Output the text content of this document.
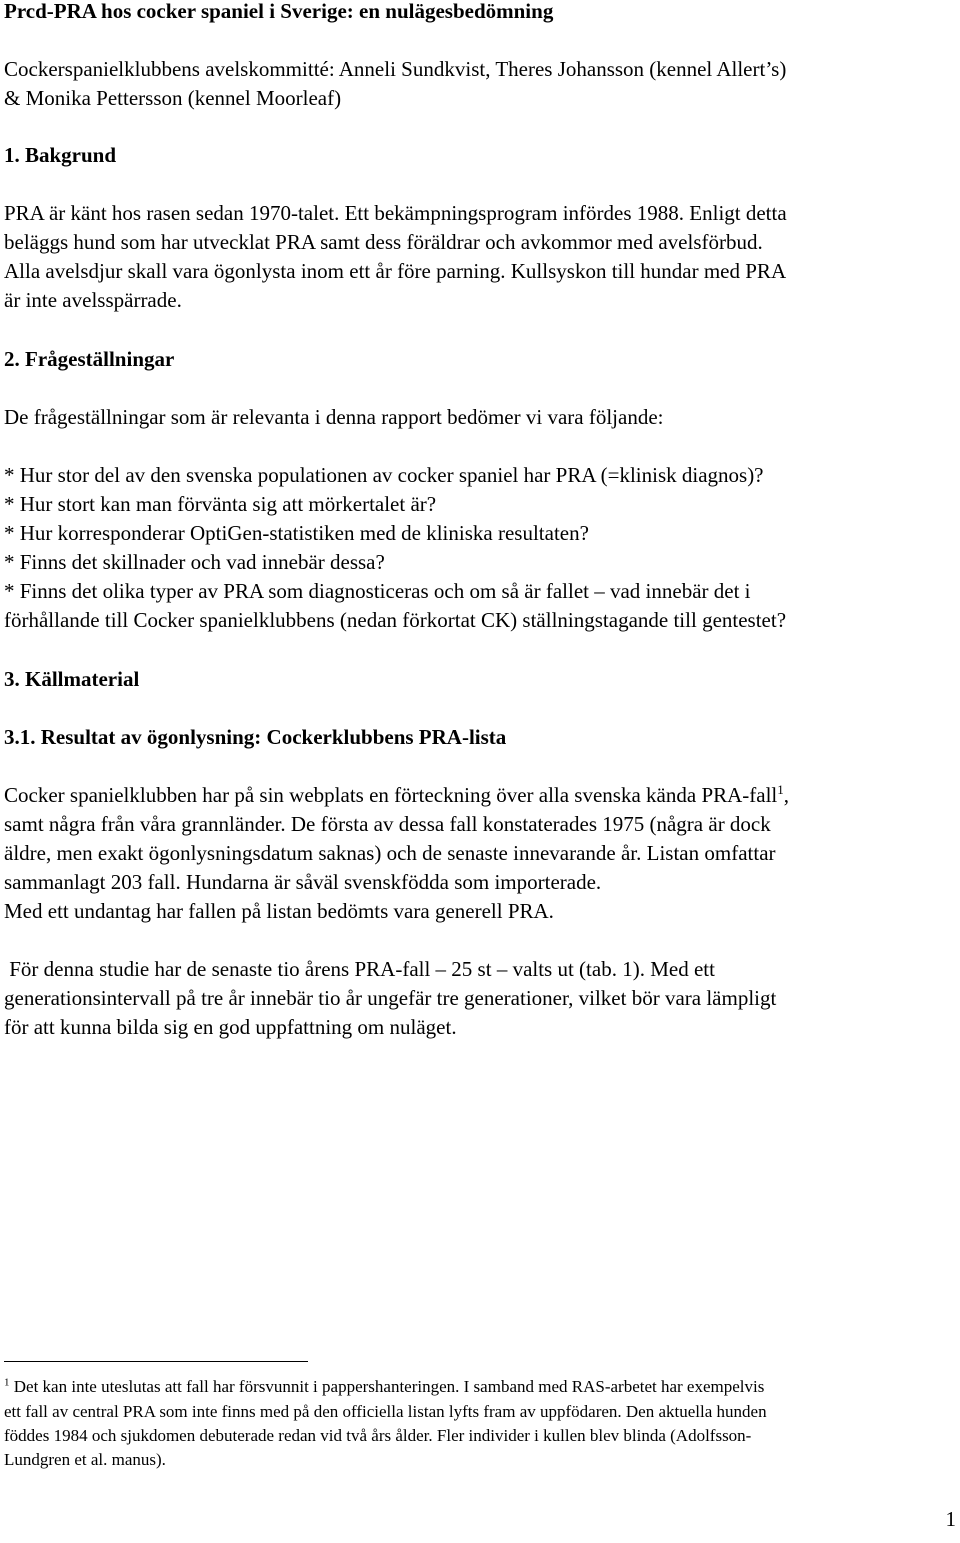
Prcd-PRA hos cocker spaniel i Sverige: en nulägesbedömning

Cockerspanielklubbens avelskommitté: Anneli Sundkvist, Theres Johansson (kennel Allert’s)

& Monika Pettersson (kennel Moorleaf)

1. Bakgrund

PRA är känt hos rasen sedan 1970-talet. Ett bekämpningsprogram infördes 1988. Enligt detta

beläggs hund som har utvecklat PRA samt dess föräldrar och avkommor med avelsförbud.

Alla avelsdjur skall vara ögonlysta inom ett år före parning. Kullsyskon till hundar med PRA

är inte avelsspärrade.

2. Frågeställningar

De frågeställningar som är relevanta i denna rapport bedömer vi vara följande:

* Hur stor del av den svenska populationen av cocker spaniel har PRA (=klinisk diagnos)?

* Hur stort kan man förvänta sig att mörkertalet är?

* Hur korresponderar OptiGen-statistiken med de kliniska resultaten?

* Finns det skillnader och vad innebär dessa?

* Finns det olika typer av PRA som diagnosticeras och om så är fallet – vad innebär det i

förhållande till Cocker spanielklubbens (nedan förkortat CK) ställningstagande till gentestet?

3. Källmaterial

3.1. Resultat av ögonlysning: Cockerklubbens PRA-lista

Cocker spanielklubben har på sin webplats en förteckning över alla svenska kända PRA-fall$^1$,

samt några från våra grannländer. De första av dessa fall konstaterades 1975 (några är dock

äldre, men exakt ögonlysningsdatum saknas) och de senaste innevarande år. Listan omfattar

sammanlagt 203 fall. Hundarna är såväl svenskfödda som importerade.

Med ett undantag har fallen på listan bedömts vara generell PRA.

För denna studie har de senaste tio årens PRA-fall – 25 st – valts ut (tab. 1). Med ett

generationsintervall på tre år innebär tio år ungefär tre generationer, vilket bör vara lämpligt

för att kunna bilda sig en god uppfattning om nuläget.

$^1$ Det kan inte uteslutas att fall har försvunnit i pappershanteringen. I samband med RAS-arbetet har exempelvis

ett fall av central PRA som inte finns med på den officiella listan lyfts fram av uppfödaren. Den aktuella hunden

föddes 1984 och sjukdomen debuterade redan vid två års ålder. Fler individer i kullen blev blinda (Adolfsson-

Lundgren et al. manus).

1
